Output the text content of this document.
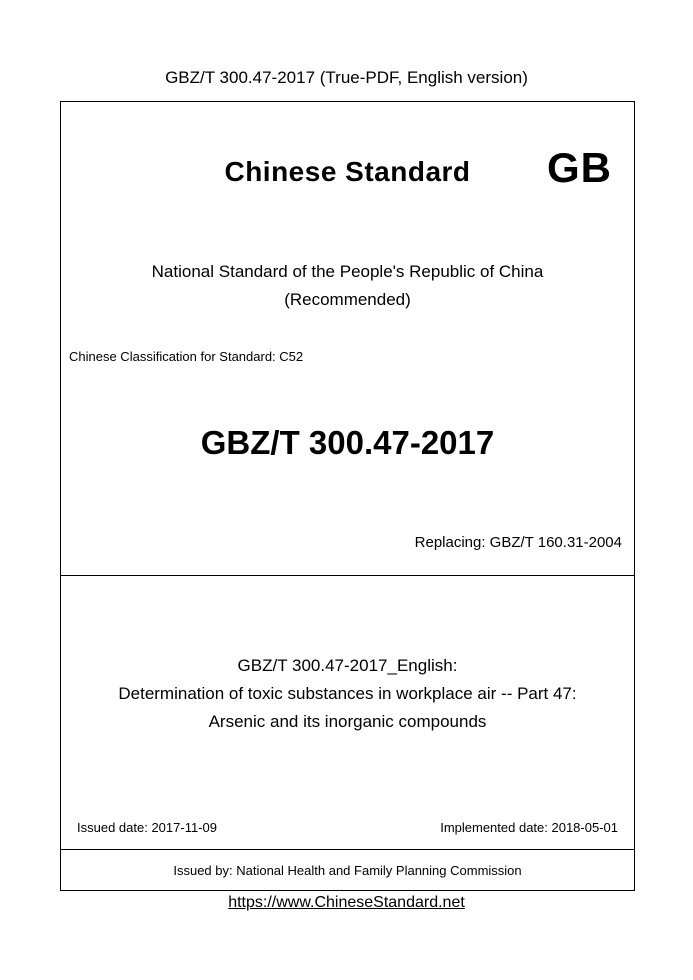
GBZ/T 300.47-2017 (True-PDF, English version)
Chinese Standard	GB
National Standard of the People's Republic of China
(Recommended)
Chinese Classification for Standard: C52
GBZ/T 300.47-2017
Replacing: GBZ/T 160.31-2004
GBZ/T 300.47-2017_English:
Determination of toxic substances in workplace air -- Part 47:
Arsenic and its inorganic compounds
Issued date: 2017-11-09	Implemented date: 2018-05-01
Issued by: National Health and Family Planning Commission
https://www.ChineseStandard.net
